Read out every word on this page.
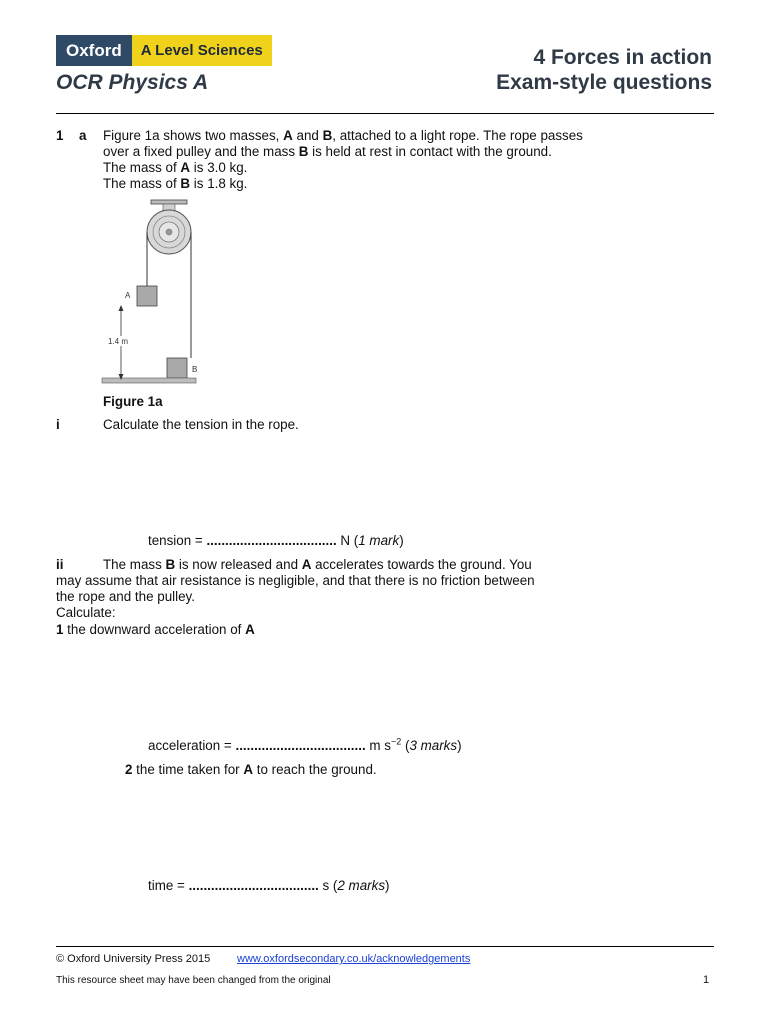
Oxford	A Level Sciences
OCR Physics A
4 Forces in action
Exam-style questions
1 a Figure 1a shows two masses, A and B, attached to a light rope. The rope passes
over a fixed pulley and the mass B is held at rest in contact with the ground.
The mass of A is 3.0 kg.
The mass of B is 1.8 kg.
A
B
1.4 m
Figure 1a
i	Calculate the tension in the rope.
tension = ................................... N (1 mark)
ii	The mass B is now released and A accelerates towards the ground. You
may assume that air resistance is negligible, and that there is no friction between
the rope and the pulley.
Calculate:
1 the downward acceleration of A
acceleration = ................................... m $s^{-2}$ (3 marks)
2 the time taken for A to reach the ground.
time = ................................... s (2 marks)
© Oxford University Press 2015 www.oxfordsecondary.co.uk/acknowledgements
This resource sheet may have been changed from the original	1
